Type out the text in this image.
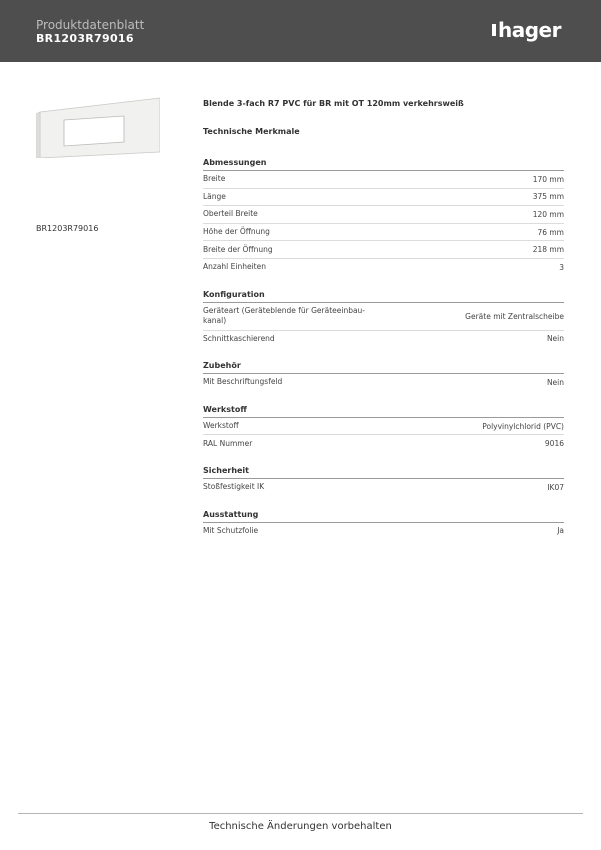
Produktdatenblatt
BR1203R79016	hager
BR1203R79016
Blende 3-fach R7 PVC für BR mit OT 120mm verkehrsweiß
Technische Merkmale
Abmessungen
Breite	170 mm
Länge	375 mm
Oberteil Breite	120 mm
Höhe der Öffnung	76 mm
Breite der Öffnung	218 mm
Anzahl Einheiten	3
Konfiguration
Geräteart (Geräteblende für Geräteeinbau-kanal)	Geräte mit Zentralscheibe
Schnittkaschierend	Nein
Zubehör
Mit Beschriftungsfeld	Nein
Werkstoff
Werkstoff	Polyvinylchlorid (PVC)
RAL Nummer	9016
Sicherheit
Stoßfestigkeit IK	IK07
Ausstattung
Mit Schutzfolie	Ja
Technische Änderungen vorbehalten
